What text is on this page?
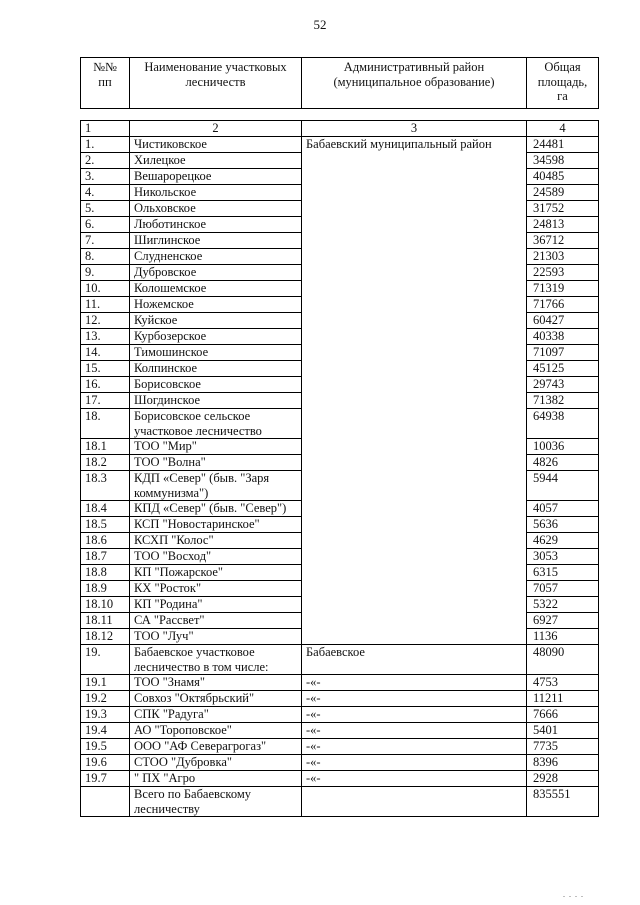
52
№№ пп	Наименование участковых лесничеств	Административный район (муниципальное образование)	Общая площадь, га
1	2	3	4
1.	Чистиковское	Бабаевский муниципальный район	24481
2.	Хилецкое		34598
3.	Вешарорецкое		40485
4.	Никольское		24589
5.	Ольховское		31752
6.	Люботинское		24813
7.	Шиглинское		36712
8.	Слудненское		21303
9.	Дубровское		22593
10.	Колошемское		71319
11.	Ножемское		71766
12.	Куйское		60427
13.	Курбозерское		40338
14.	Тимошинское		71097
15.	Колпинское		45125
16.	Борисовское		29743
17.	Шогдинское		71382
18.	Борисовское сельское участковое лесничество		64938
18.1	ТОО "Мир"		10036
18.2	ТОО "Волна"		4826
18.3	КДП «Север" (быв. "Заря коммунизма")		5944
18.4	КПД «Север" (быв. "Север")		4057
18.5	КСП "Новостаринское"		5636
18.6	КСХП "Колос"		4629
18.7	ТОО "Восход"		3053
18.8	КП "Пожарское"		6315
18.9	КХ "Росток"		7057
18.10	КП "Родина"		5322
18.11	СА "Рассвет"		6927
18.12	ТОО "Луч"		1136
19.	Бабаевское участковое лесничество в том числе:	Бабаевское	48090
19.1	ТОО "Знамя"	-«-	4753
19.2	Совхоз "Октябрьский"	-«-	11211
19.3	СПК "Радуга"	-«-	7666
19.4	АО "Тороповское"	-«-	5401
19.5	ООО "АФ Северагрогаз"	-«-	7735
19.6	СТОО "Дубровка"	-«-	8396
19.7	" ПХ "Агро	-«-	2928
	Всего по Бабаевскому лесничеству		835551
. . . .
